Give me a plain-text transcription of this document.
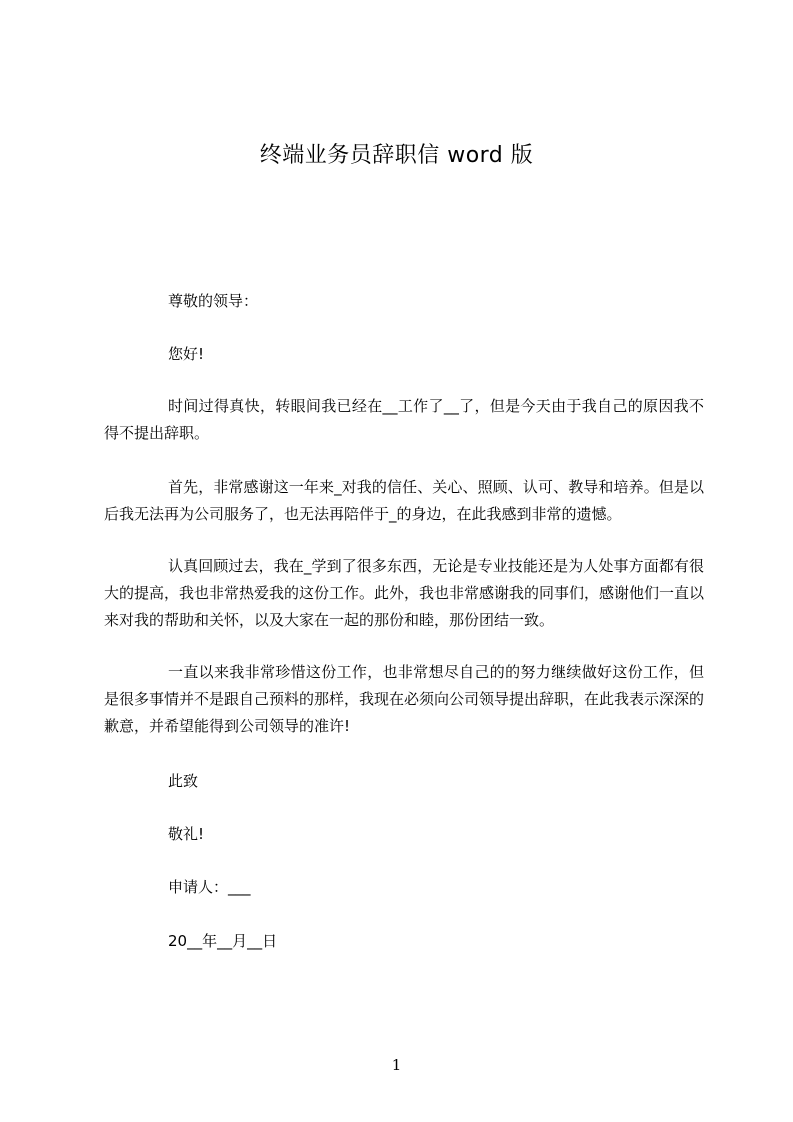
终端业务员辞职信 word 版
尊敬的领导：
您好!
时间过得真快，转眼间我已经在__工作了__了，但是今天由于我自己的原因我不得不提出辞职。
首先，非常感谢这一年来_对我的信任、关心、照顾、认可、教导和培养。但是以后我无法再为公司服务了，也无法再陪伴于_的身边，在此我感到非常的遗憾。
认真回顾过去，我在_学到了很多东西，无论是专业技能还是为人处事方面都有很大的提高，我也非常热爱我的这份工作。此外，我也非常感谢我的同事们，感谢他们一直以来对我的帮助和关怀，以及大家在一起的那份和睦，那份团结一致。
一直以来我非常珍惜这份工作，也非常想尽自己的的努力继续做好这份工作，但是很多事情并不是跟自己预料的那样，我现在必须向公司领导提出辞职，在此我表示深深的歉意，并希望能得到公司领导的准许!
此致
敬礼!
申请人：___
20__年__月__日
1
